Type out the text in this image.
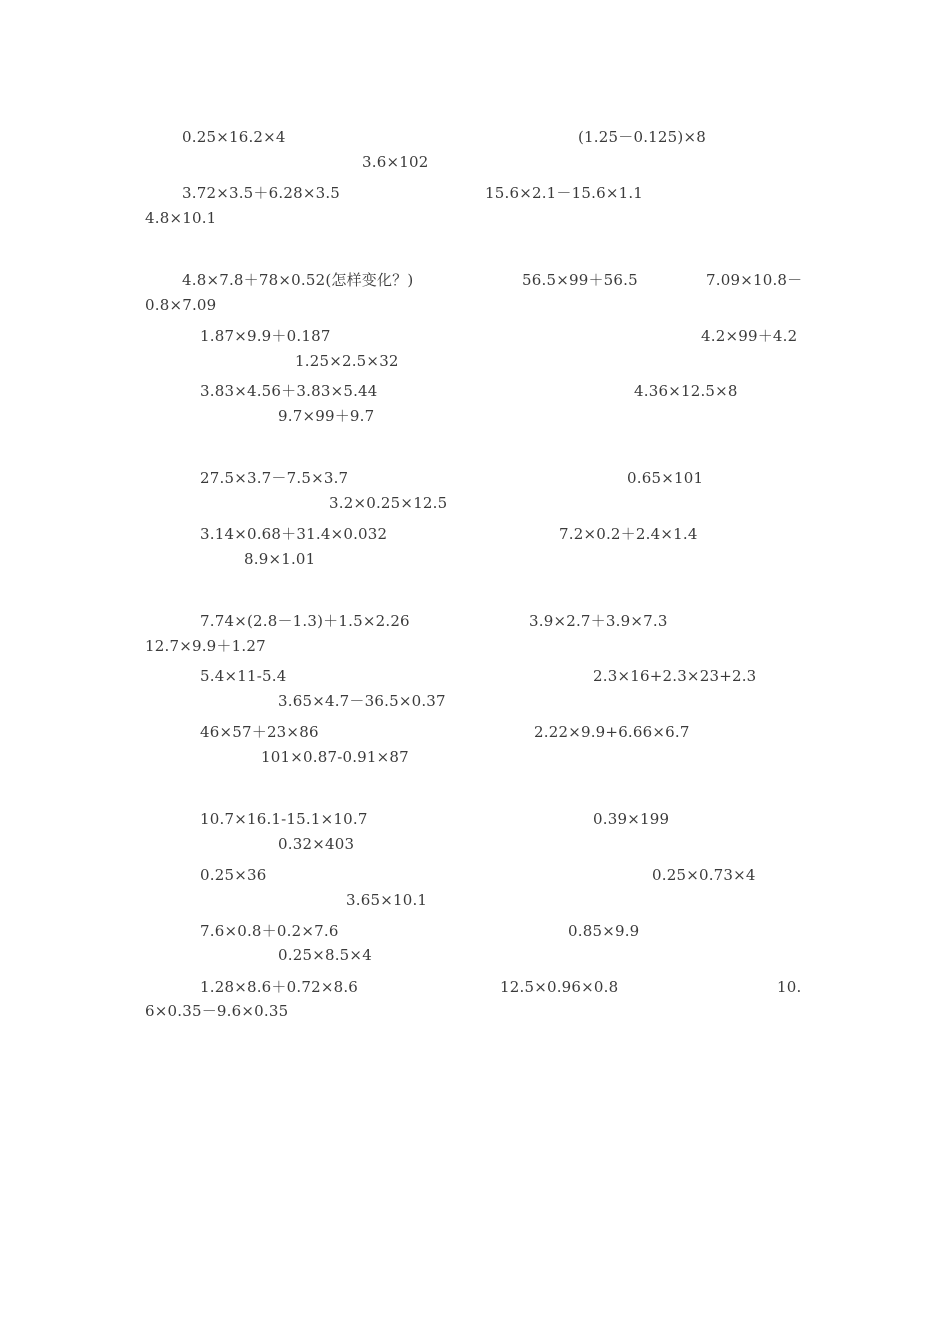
0.25×16.2×4	(1.25－0.125)×8
3.6×102
3.72×3.5＋6.28×3.5	15.6×2.1－15.6×1.1
4.8×10.1
4.8×7.8＋78×0.52(怎样变化？)	56.5×99＋56.5	7.09×10.8－
0.8×7.09
1.87×9.9＋0.187	4.2×99＋4.2
1.25×2.5×32
3.83×4.56＋3.83×5.44	4.36×12.5×8
9.7×99＋9.7
27.5×3.7－7.5×3.7	0.65×101
3.2×0.25×12.5
3.14×0.68＋31.4×0.032	7.2×0.2＋2.4×1.4
8.9×1.01
7.74×(2.8－1.3)＋1.5×2.26	3.9×2.7＋3.9×7.3
12.7×9.9＋1.27
5.4×11-5.4	2.3×16+2.3×23+2.3
3.65×4.7－36.5×0.37
46×57＋23×86	2.22×9.9+6.66×6.7
101×0.87-0.91×87
10.7×16.1-15.1×10.7	0.39×199
0.32×403
0.25×36	0.25×0.73×4
3.65×10.1
7.6×0.8＋0.2×7.6	0.85×9.9
0.25×8.5×4
1.28×8.6＋0.72×8.6	12.5×0.96×0.8	10.
6×0.35－9.6×0.35
